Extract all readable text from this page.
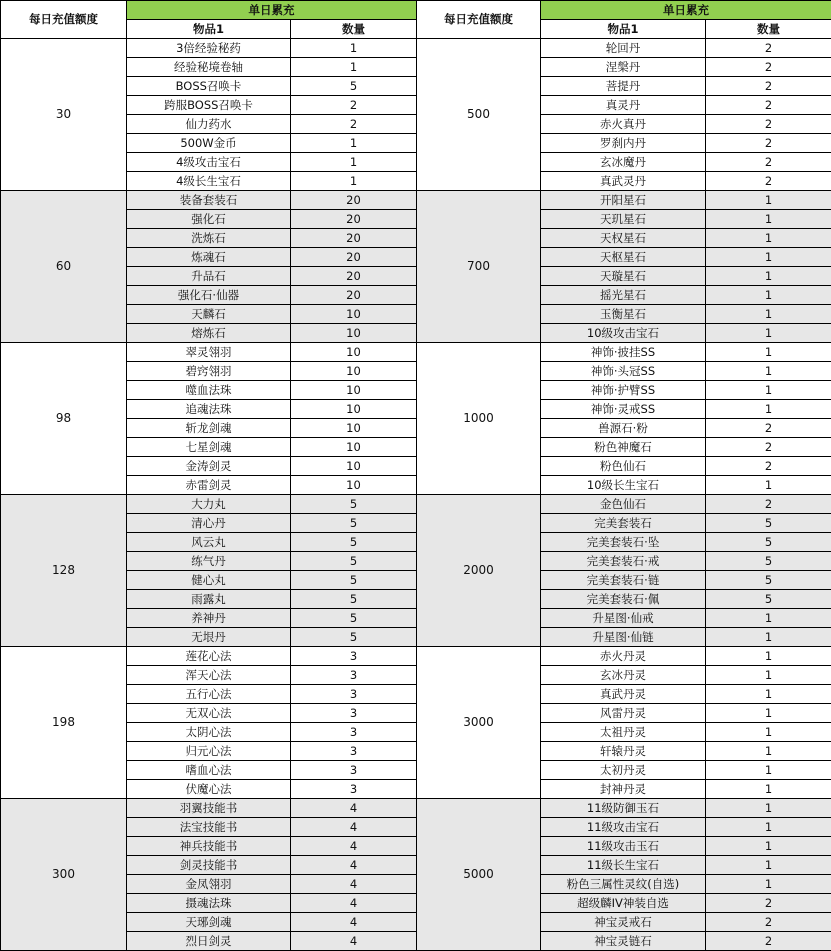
每日充值额度	单日累充		每日充值额度	单日累充	
	物品1	数量		物品1	数量
30	3倍经验秘药	1	500	轮回丹	2
	经验秘境卷轴	1		涅槃丹	2
	BOSS召唤卡	5		菩提丹	2
	跨服BOSS召唤卡	2		真灵丹	2
	仙力药水	2		赤火真丹	2
	500W金币	1		罗刹内丹	2
	4级攻击宝石	1		玄冰魔丹	2
	4级长生宝石	1		真武灵丹	2
60	装备套装石	20	700	开阳星石	1
	强化石	20		天玑星石	1
	洗炼石	20		天权星石	1
	炼魂石	20		天枢星石	1
	升品石	20		天璇星石	1
	强化石·仙器	20		摇光星石	1
	天麟石	10		玉衡星石	1
	熔炼石	10		10级攻击宝石	1
98	翠灵翎羽	10	1000	神饰·披挂SS	1
	碧窍翎羽	10		神饰·头冠SS	1
	噬血法珠	10		神饰·护臂SS	1
	追魂法珠	10		神饰·灵戒SS	1
	斩龙剑魂	10		兽源石·粉	2
	七星剑魂	10		粉色神魔石	2
	金涛剑灵	10		粉色仙石	2
	赤雷剑灵	10		10级长生宝石	1
128	大力丸	5	2000	金色仙石	2
	清心丹	5		完美套装石	5
	风云丸	5		完美套装石·坠	5
	练气丹	5		完美套装石·戒	5
	健心丸	5		完美套装石·链	5
	雨露丸	5		完美套装石·佩	5
	养神丹	5		升星图·仙戒	1
	无垠丹	5		升星图·仙链	1
198	莲花心法	3	3000	赤火丹灵	1
	浑天心法	3		玄冰丹灵	1
	五行心法	3		真武丹灵	1
	无双心法	3		风雷丹灵	1
	太阴心法	3		太祖丹灵	1
	归元心法	3		轩辕丹灵	1
	嗜血心法	3		太初丹灵	1
	伏魔心法	3		封神丹灵	1
300	羽翼技能书	4	5000	11级防御玉石	1
	法宝技能书	4		11级攻击宝石	1
	神兵技能书	4		11级攻击玉石	1
	剑灵技能书	4		11级长生宝石	1
	金凤翎羽	4		粉色三属性灵纹(自选)	1
	摄魂法珠	4		超级麟IV神装自选	2
	天琊剑魂	4		神宝灵戒石	2
	烈日剑灵	4		神宝灵链石	2
